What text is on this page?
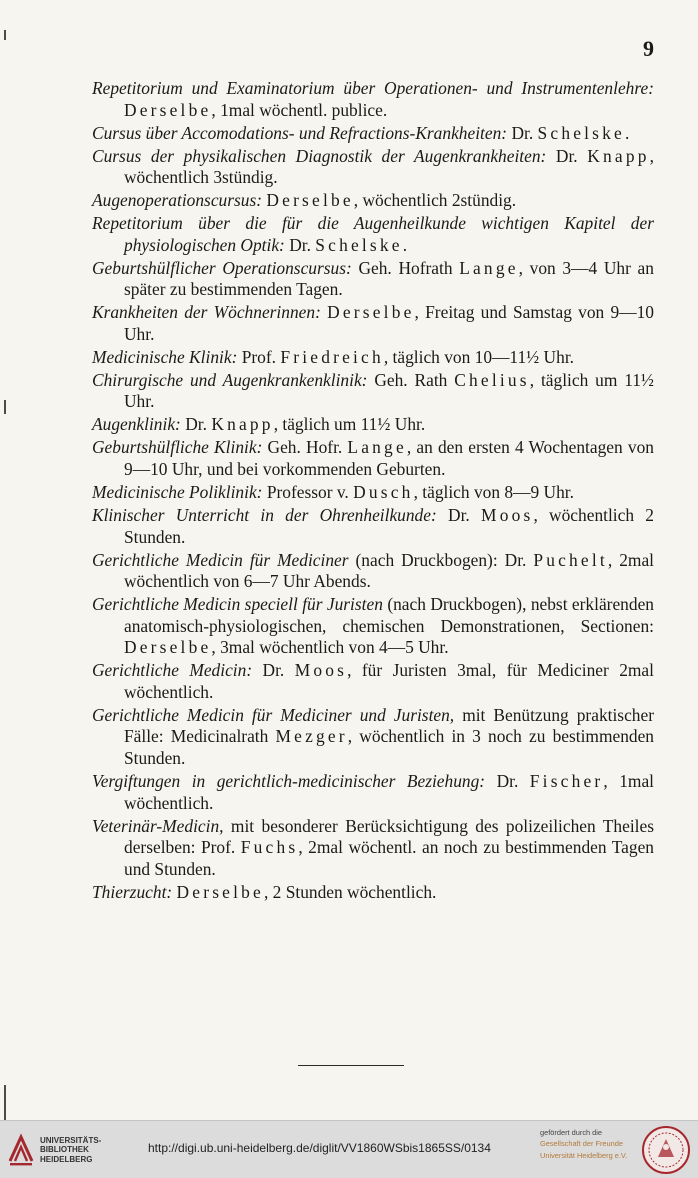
9
Repetitorium und Examinatorium über Operationen- und Instrumentenlehre: Derselbe, 1mal wöchentl. publice.
Cursus über Accomodations- und Refractions-Krankheiten: Dr. Schelske.
Cursus der physikalischen Diagnostik der Augenkrankheiten: Dr. Knapp, wöchentlich 3stündig.
Augenoperationscursus: Derselbe, wöchentlich 2stündig.
Repetitorium über die für die Augenheilkunde wichtigen Kapitel der physiologischen Optik: Dr. Schelske.
Geburtshülflicher Operationscursus: Geh. Hofrath Lange, von 3—4 Uhr an später zu bestimmenden Tagen.
Krankheiten der Wöchnerinnen: Derselbe, Freitag und Samstag von 9—10 Uhr.
Medicinische Klinik: Prof. Friedreich, täglich von 10—11½ Uhr.
Chirurgische und Augenkrankenklinik: Geh. Rath Chelius, täglich um 11½ Uhr.
Augenklinik: Dr. Knapp, täglich um 11½ Uhr.
Geburtshülfliche Klinik: Geh. Hofr. Lange, an den ersten 4 Wochentagen von 9—10 Uhr, und bei vorkommenden Geburten.
Medicinische Poliklinik: Professor v. Dusch, täglich von 8—9 Uhr.
Klinischer Unterricht in der Ohrenheilkunde: Dr. Moos, wöchentlich 2 Stunden.
Gerichtliche Medicin für Mediciner (nach Druckbogen): Dr. Puchelt, 2mal wöchentlich von 6—7 Uhr Abends.
Gerichtliche Medicin speciell für Juristen (nach Druckbogen), nebst erklärenden anatomisch-physiologischen, chemischen Demonstrationen, Sectionen: Derselbe, 3mal wöchentlich von 4—5 Uhr.
Gerichtliche Medicin: Dr. Moos, für Juristen 3mal, für Mediciner 2mal wöchentlich.
Gerichtliche Medicin für Mediciner und Juristen, mit Benützung praktischer Fälle: Medicinalrath Mezger, wöchentlich in 3 noch zu bestimmenden Stunden.
Vergiftungen in gerichtlich-medicinischer Beziehung: Dr. Fischer, 1mal wöchentlich.
Veterinär-Medicin, mit besonderer Berücksichtigung des polizeilichen Theiles derselben: Prof. Fuchs, 2mal wöchentl. an noch zu bestimmenden Tagen und Stunden.
Thierzucht: Derselbe, 2 Stunden wöchentlich.
UNIVERSITÄTS-
BIBLIOTHEK
HEIDELBERG
http://digi.ub.uni-heidelberg.de/diglit/VV1860WSbis1865SS/0134
gefördert durch die
Gesellschaft der Freunde
Universität Heidelberg e.V.
